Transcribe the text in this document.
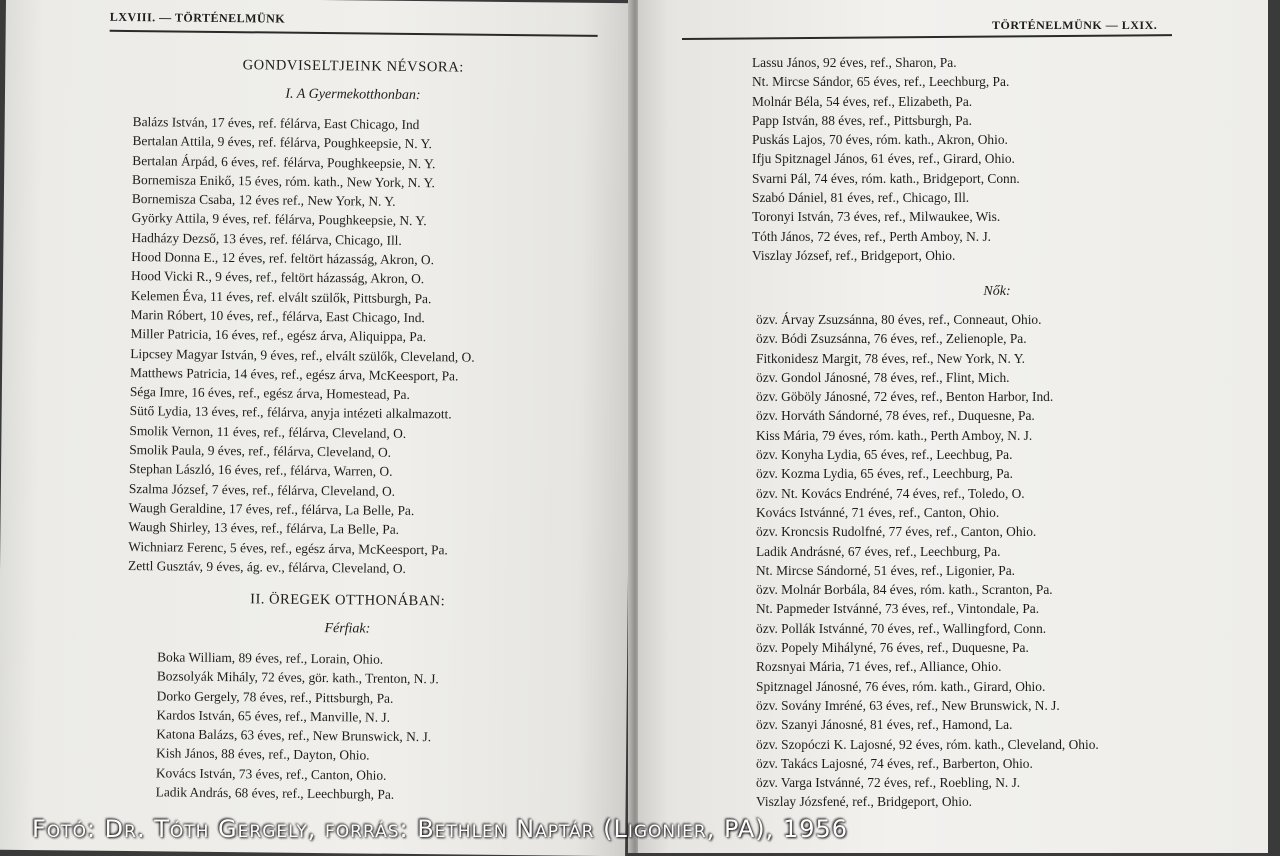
LXVIII. — TÖRTÉNELMÜNK
GONDVISELTJEINK NÉVSORA:
I. A Gyermekotthonban:
Balázs István, 17 éves, ref. félárva, East Chicago, Ind
Bertalan Attila, 9 éves, ref. félárva, Poughkeepsie, N. Y.
Bertalan Árpád, 6 éves, ref. félárva, Poughkeepsie, N. Y.
Bornemisza Enikő, 15 éves, róm. kath., New York, N. Y.
Bornemisza Csaba, 12 éves ref., New York, N. Y.
Györky Attila, 9 éves, ref. félárva, Poughkeepsie, N. Y.
Hadházy Dezső, 13 éves, ref. félárva, Chicago, Ill.
Hood Donna E., 12 éves, ref. feltört házasság, Akron, O.
Hood Vicki R., 9 éves, ref., feltört házasság, Akron, O.
Kelemen Éva, 11 éves, ref. elvált szülők, Pittsburgh, Pa.
Marin Róbert, 10 éves, ref., félárva, East Chicago, Ind.
Miller Patricia, 16 éves, ref., egész árva, Aliquippa, Pa.
Lipcsey Magyar István, 9 éves, ref., elvált szülők, Cleveland, O.
Matthews Patricia, 14 éves, ref., egész árva, McKeesport, Pa.
Séga Imre, 16 éves, ref., egész árva, Homestead, Pa.
Sütő Lydia, 13 éves, ref., félárva, anyja intézeti alkalmazott.
Smolik Vernon, 11 éves, ref., félárva, Cleveland, O.
Smolik Paula, 9 éves, ref., félárva, Cleveland, O.
Stephan László, 16 éves, ref., félárva, Warren, O.
Szalma József, 7 éves, ref., félárva, Cleveland, O.
Waugh Geraldine, 17 éves, ref., félárva, La Belle, Pa.
Waugh Shirley, 13 éves, ref., félárva, La Belle, Pa.
Wichniarz Ferenc, 5 éves, ref., egész árva, McKeesport, Pa.
Zettl Gusztáv, 9 éves, ág. ev., félárva, Cleveland, O.
II. ÖREGEK OTTHONÁBAN:
Férfiak:
Boka William, 89 éves, ref., Lorain, Ohio.
Bozsolyák Mihály, 72 éves, gör. kath., Trenton, N. J.
Dorko Gergely, 78 éves, ref., Pittsburgh, Pa.
Kardos István, 65 éves, ref., Manville, N. J.
Katona Balázs, 63 éves, ref., New Brunswick, N. J.
Kish János, 88 éves, ref., Dayton, Ohio.
Kovács István, 73 éves, ref., Canton, Ohio.
Ladik András, 68 éves, ref., Leechburgh, Pa.
TÖRTÉNELMÜNK — LXIX.
Lassu János, 92 éves, ref., Sharon, Pa.
Nt. Mircse Sándor, 65 éves, ref., Leechburg, Pa.
Molnár Béla, 54 éves, ref., Elizabeth, Pa.
Papp István, 88 éves, ref., Pittsburgh, Pa.
Puskás Lajos, 70 éves, róm. kath., Akron, Ohio.
Ifju Spitznagel János, 61 éves, ref., Girard, Ohio.
Svarni Pál, 74 éves, róm. kath., Bridgeport, Conn.
Szabó Dániel, 81 éves, ref., Chicago, Ill.
Toronyi István, 73 éves, ref., Milwaukee, Wis.
Tóth János, 72 éves, ref., Perth Amboy, N. J.
Viszlay József, ref., Bridgeport, Ohio.
Nők:
özv. Árvay Zsuzsánna, 80 éves, ref., Conneaut, Ohio.
özv. Bódi Zsuzsánna, 76 éves, ref., Zelienople, Pa.
Fitkonidesz Margit, 78 éves, ref., New York, N. Y.
özv. Gondol Jánosné, 78 éves, ref., Flint, Mich.
özv. Göböly Jánosné, 72 éves, ref., Benton Harbor, Ind.
özv. Horváth Sándorné, 78 éves, ref., Duquesne, Pa.
Kiss Mária, 79 éves, róm. kath., Perth Amboy, N. J.
özv. Konyha Lydia, 65 éves, ref., Leechbug, Pa.
özv. Kozma Lydia, 65 éves, ref., Leechburg, Pa.
özv. Nt. Kovács Endréné, 74 éves, ref., Toledo, O.
Kovács Istvánné, 71 éves, ref., Canton, Ohio.
özv. Kroncsis Rudolfné, 77 éves, ref., Canton, Ohio.
Ladik Andrásné, 67 éves, ref., Leechburg, Pa.
Nt. Mircse Sándorné, 51 éves, ref., Ligonier, Pa.
özv. Molnár Borbála, 84 éves, róm. kath., Scranton, Pa.
Nt. Papmeder Istvánné, 73 éves, ref., Vintondale, Pa.
özv. Pollák Istvánné, 70 éves, ref., Wallingford, Conn.
özv. Popely Mihályné, 76 éves, ref., Duquesne, Pa.
Rozsnyai Mária, 71 éves, ref., Alliance, Ohio.
Spitznagel Jánosné, 76 éves, róm. kath., Girard, Ohio.
özv. Sovány Imréné, 63 éves, ref., New Brunswick, N. J.
özv. Szanyi Jánosné, 81 éves, ref., Hamond, La.
özv. Szopóczi K. Lajosné, 92 éves, róm. kath., Cleveland, Ohio.
özv. Takács Lajosné, 74 éves, ref., Barberton, Ohio.
özv. Varga Istvánné, 72 éves, ref., Roebling, N. J.
Viszlay Józsfené, ref., Bridgeport, Ohio.
Fotó: Dr. Tóth Gergely, forrás: Bethlen Naptár (Ligonier, PA), 1956
